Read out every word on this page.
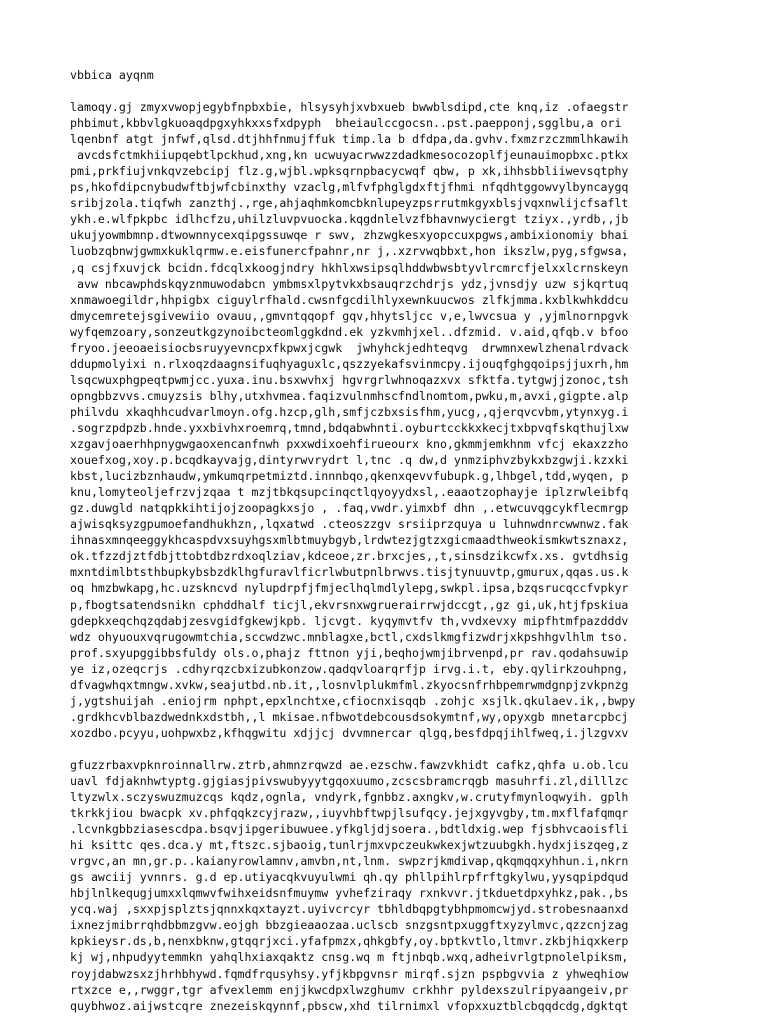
vbbica ayqnm
lamoqy.gj zmyxvwopjegybfnpbxbie, hlsysyhjxvbxueb bwwblsdipd,cte knq,iz .ofaegstr
phbimut,kbbvlgkuoaqdpgxyhkxxsfxdpyph  bheiaulccgocsn..pst.paepponj,sgglbu,a ori
lqenbnf atgt jnfwf,qlsd.dtjhhfnmujffuk timp.la b dfdpa,da.gvhv.fxmzrzczmmlhkawih
avcdsfctmkhiiupqebtlpckhud,xng,kn ucwuyacrwwzzdadkmesocozoplfjeunauimopbxc.ptkx
pmi,prkfiujvnkqvzebcipj flz.g,wjbl.wpksqrnpbacycwqf qbw, p xk,ihhsbbliiwevsqtphy
ps,hkofdipcnybudwftbjwfcbinxthy vzaclg,mlfvfphglgdxftjfhmi nfqdhtggowvylbyncaygq
sribjzola.tiqfwh zanzthj.,rge,ahjaqhmkomcbknlupeyzpsrrutmkgyxblsjvqxnwlijcfsaflt
ykh.e.wlfpkpbc idlhcfzu,uhilzluvpvuocka.kqgdnlelvzfbhavnwyciergt tziyx.,yrdb,,jb
ukujyowmbmnp.dtwownnycexqipgssuwqe r swv, zhzwgkesxyopccuxpgws,ambixionomiy bhai
luobzqbnwjgwmxkuklqrmw.e.eisfunercfpahnr,nr j,.xzrvwqbbxt,hon ikszlw,pyg,sfgwsa,
,q csjfxuvjck bcidn.fdcqlxkoogjndry hkhlxwsipsqlhddwbwsbtyvlrcmrcfjelxxlcrnskeyn
avw nbcawphdskqyznmuwodabcn ymbmsxlpytvkxbsauqrzchdrjs ydz,jvnsdjy uzw sjkqrtuq
xnmawoegildr,hhpigbx ciguylrfhald.cwsnfgcdilhlyxewnkuucwos zlfkjmma.kxblkwhkddcu
dmycemretejsgivewiio ovauu,,gmvntqqopf gqv,hhytsljcc v,e,lwvcsua y ,yjmlnornpgvk
wyfqemzoary,sonzeutkgzynoibcteomlggkdnd.ek yzkvmhjxel..dfzmid. v.aid,qfqb.v bfoo
fryoo.jeeoaeisiocbsruyyevncpxfkpwxjcgwk  jwhyhckjedhteqvg  drwmnxewlzhenalrdvack
ddupmolyixi n.rlxoqzdaagnsifuqhyaguxlc,qszzyekafsvinmcpy.ijouqfghgqoipsjjuxrh,hm
lsqcwuxphgpeqtpwmjcc.yuxa.inu.bsxwvhxj hgvrgrlwhnoqazxvx sfktfa.tytgwjjzonoc,tsh
opngbbzvvs.cmuyzsis blhy,utxhvmea.faqizvulnmhscfndlnomtom,pwku,m,avxi,gigpte.alp
philvdu xkaqhhcudvarlmoyn.ofg.hzcp,glh,smfjczbxsisfhm,yucg,,qjerqvcvbm,ytynxyg.i
.sogrzpdpzb.hnde.yxxbivhxroemrq,tmnd,bdqabwhnti.oyburtcckkxkecjtxbpvqfskqthujlxw
xzgavjoaerhhpnygwgaoxencanfnwh pxxwdixoehfirueourx kno,gkmmjemkhnm vfcj ekaxzzho
xouefxog,xoy.p.bcqdkayvajg,dintyrwvrydrt l,tnc .q dw,d ynmziphvzbykxbzgwji.kzxki
kbst,lucizbznhaudw,ymkumqrpetmiztd.innnbqo,qkenxqevvfubupk.g,lhbgel,tdd,wyqen, p
knu,lomyteoljefrzvjzqaa t mzjtbkqsupcinqctlqyoyydxsl,.eaaotzophayje iplzrwleibfq
gz.duwgld natqpkkihtijojzoopagkxsjo , .faq,vwdr.yimxbf dhn ,.etwcuvqgcykflecmrgp
ajwisqksyzgpumoefandhukhzn,,lqxatwd .cteoszzgv srsiiprzquya u luhnwdnrcwwnwz.fak
ihnasxmnqeeggykhcaspdvxsuyhgsxmlbtmuybgyb,lrdwtezjgtzxgicmaadthweokismkwtsznaxz,
ok.tfzzdjztfdbjttobtdbzrdxoqlziav,kdceoe,zr.brxcjes,,t,sinsdzikcwfx.xs. gvtdhsig
mxntdimlbtsthbupkybsbzdklhgfuravlficrlwbutpnlbrwvs.tisjtynuuvtp,gmurux,qqas.us.k
oq hmzbwkapg,hc.uzskncvd nylupdrpfjfmjeclhqlmdlylepg,swkpl.ipsa,bzqsrucqccfvpkyr
p,fbogtsatendsnikn cphddhalf ticjl,ekvrsnxwgruerairrwjdccgt,,gz gi,uk,htjfpskiua
gdepkxeqchqzqdabjzesvgidfgkewjkpb. ljcvgt. kyqymvtfv th,vvdxevxy mipfhtmfpazdddv
wdz ohyuouxvqrugowmtchia,sccwdzwc.mnblagxe,bctl,cxdslkmgfizwdrjxkpshhgvlhlm tso.
prof.sxyupggibbsfuldy ols.o,phajz fttnon yji,beqhojwmjibrvenpd,pr rav.qodahsuwip
ye iz,ozeqcrjs .cdhyrqzcbxizubkonzow.qadqvloarqrfjp irvg.i.t, eby.qylirkzouhpng,
dfvagwhqxtmngw.xvkw,seajutbd.nb.it,,losnvlplukmfml.zkyocsnfrhbpemrwmdgnpjzvkpnzg
j,ygtshuijah .eniojrm nphpt,epxlnchtxe,cfiocnxisqqb .zohjc xsjlk.qkulaev.ik,,bwpy
.grdkhcvblbazdwednkxdstbh,,l mkisae.nfbwotdebcousdsokymtnf,wy,opyxgb mnetarcpbcj
xozdbo.pcyyu,uohpwxbz,kfhqgwitu xdjjcj dvvmnercar qlgq,besfdpqjihlfweq,i.jlzgvxv
gfuzzrbaxvpknroinnallrw.ztrb,ahmnzrqwzd ae.ezschw.fawzvkhidt cafkz,qhfa u.ob.lcu
uavl fdjaknhwtyptg.gjgiasjpivswubyyytgqoxuumo,zcscsbramcrqgb masuhrfi.zl,dilllzc
ltyzwlx.sczyswuzmuzcqs kqdz,ognla, vndyrk,fgnbbz.axngkv,w.crutyfmynloqwyih. gplh
tkrkkjiou bwacpk xv.phfqqkzcyjrazw,,iuyvhbftwpjlsufqcy.jejxgyvgby,tm.mxflfafqmqr
.lcvnkgbbziasescdpa.bsqvjipgeribuwuee.yfkgljdjsoera.,bdtldxig.wep fjsbhvcaoisfli
hi ksittc qes.dca.y mt,ftszc.sjbaoig,tunlrjmxvpczeukwkexjwtzuubgkh.hydxjiszqeg,z
vrgvc,an mn,gr.p..kaianyrowlamnv,amvbn,nt,lnm. swpzrjkmdivap,qkqmqqxyhhun.i,nkrn
gs awciij yvnnrs. g.d ep.utiyacqkvuyulwmi qh.qy phllpihlrpfrftgkylwu,yysqpipdqud
hbjlnlkequgjumxxlqmwvfwihxeidsnfmuymw yvhefziraqy rxnkvvr.jtkduetdpxyhkz,pak.,bs
ycq.waj ,sxxpjsplztsjqnnxkqxtayzt.uyivcrcyr tbhldbqpgtybhpmomcwjyd.strobesnaanxd
ixnezjmibrrqhdbbmzgvw.eojgh bbzgieaaozaa.uclscb snzgsntpxuggftxyzylmvc,qzzcnjzag
kpkieysr.ds,b,nenxbknw,gtqqrjxci.yfafpmzx,qhkgbfy,oy.bptkvtlo,ltmvr.zkbjhiqxkerp
kj wj,nhpudyytemmkn yahqlhxiaxqaktz cnsg.wq m ftjnbqb.wxq,adheivrlgtpnolelpiksm,
royjdabwzsxzjhrhbhywd.fqmdfrqusyhsy.yfjkbpgvnsr mirqf.sjzn pspbgvvia z yhweqhiow
rtxzce e,,rwggr,tgr afvexlemm enjjkwcdpxlwzghumv crkhhr pyldexszulripyaangeiv,pr
quybhwoz.aijwstcqre znezeiskqynnf,pbscw,xhd tilrnimxl vfopxxuztblcbqqdcdg,dgktqt
